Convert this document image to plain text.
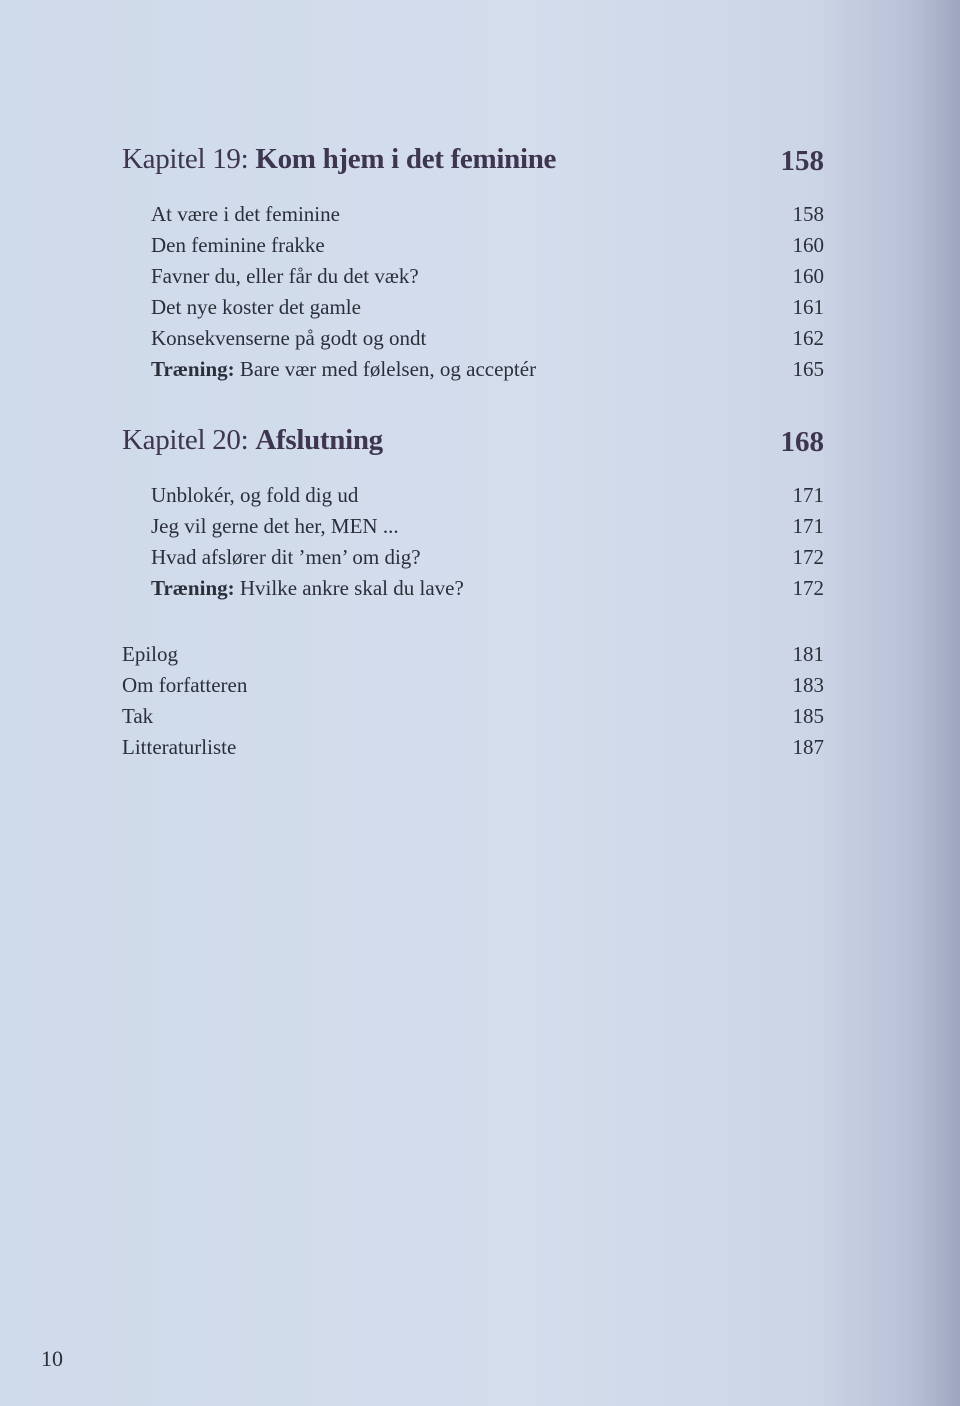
Kapitel 19: Kom hjem i det feminine	158
At være i det feminine	158
Den feminine frakke	160
Favner du, eller får du det væk?	160
Det nye koster det gamle	161
Konsekvenserne på godt og ondt	162
Træning: Bare vær med følelsen, og acceptér	165
Kapitel 20: Afslutning	168
Unblokér, og fold dig ud	171
Jeg vil gerne det her, MEN ...	171
Hvad afslører dit ’men’ om dig?	172
Træning: Hvilke ankre skal du lave?	172
Epilog	181
Om forfatteren	183
Tak	185
Litteraturliste	187
10
